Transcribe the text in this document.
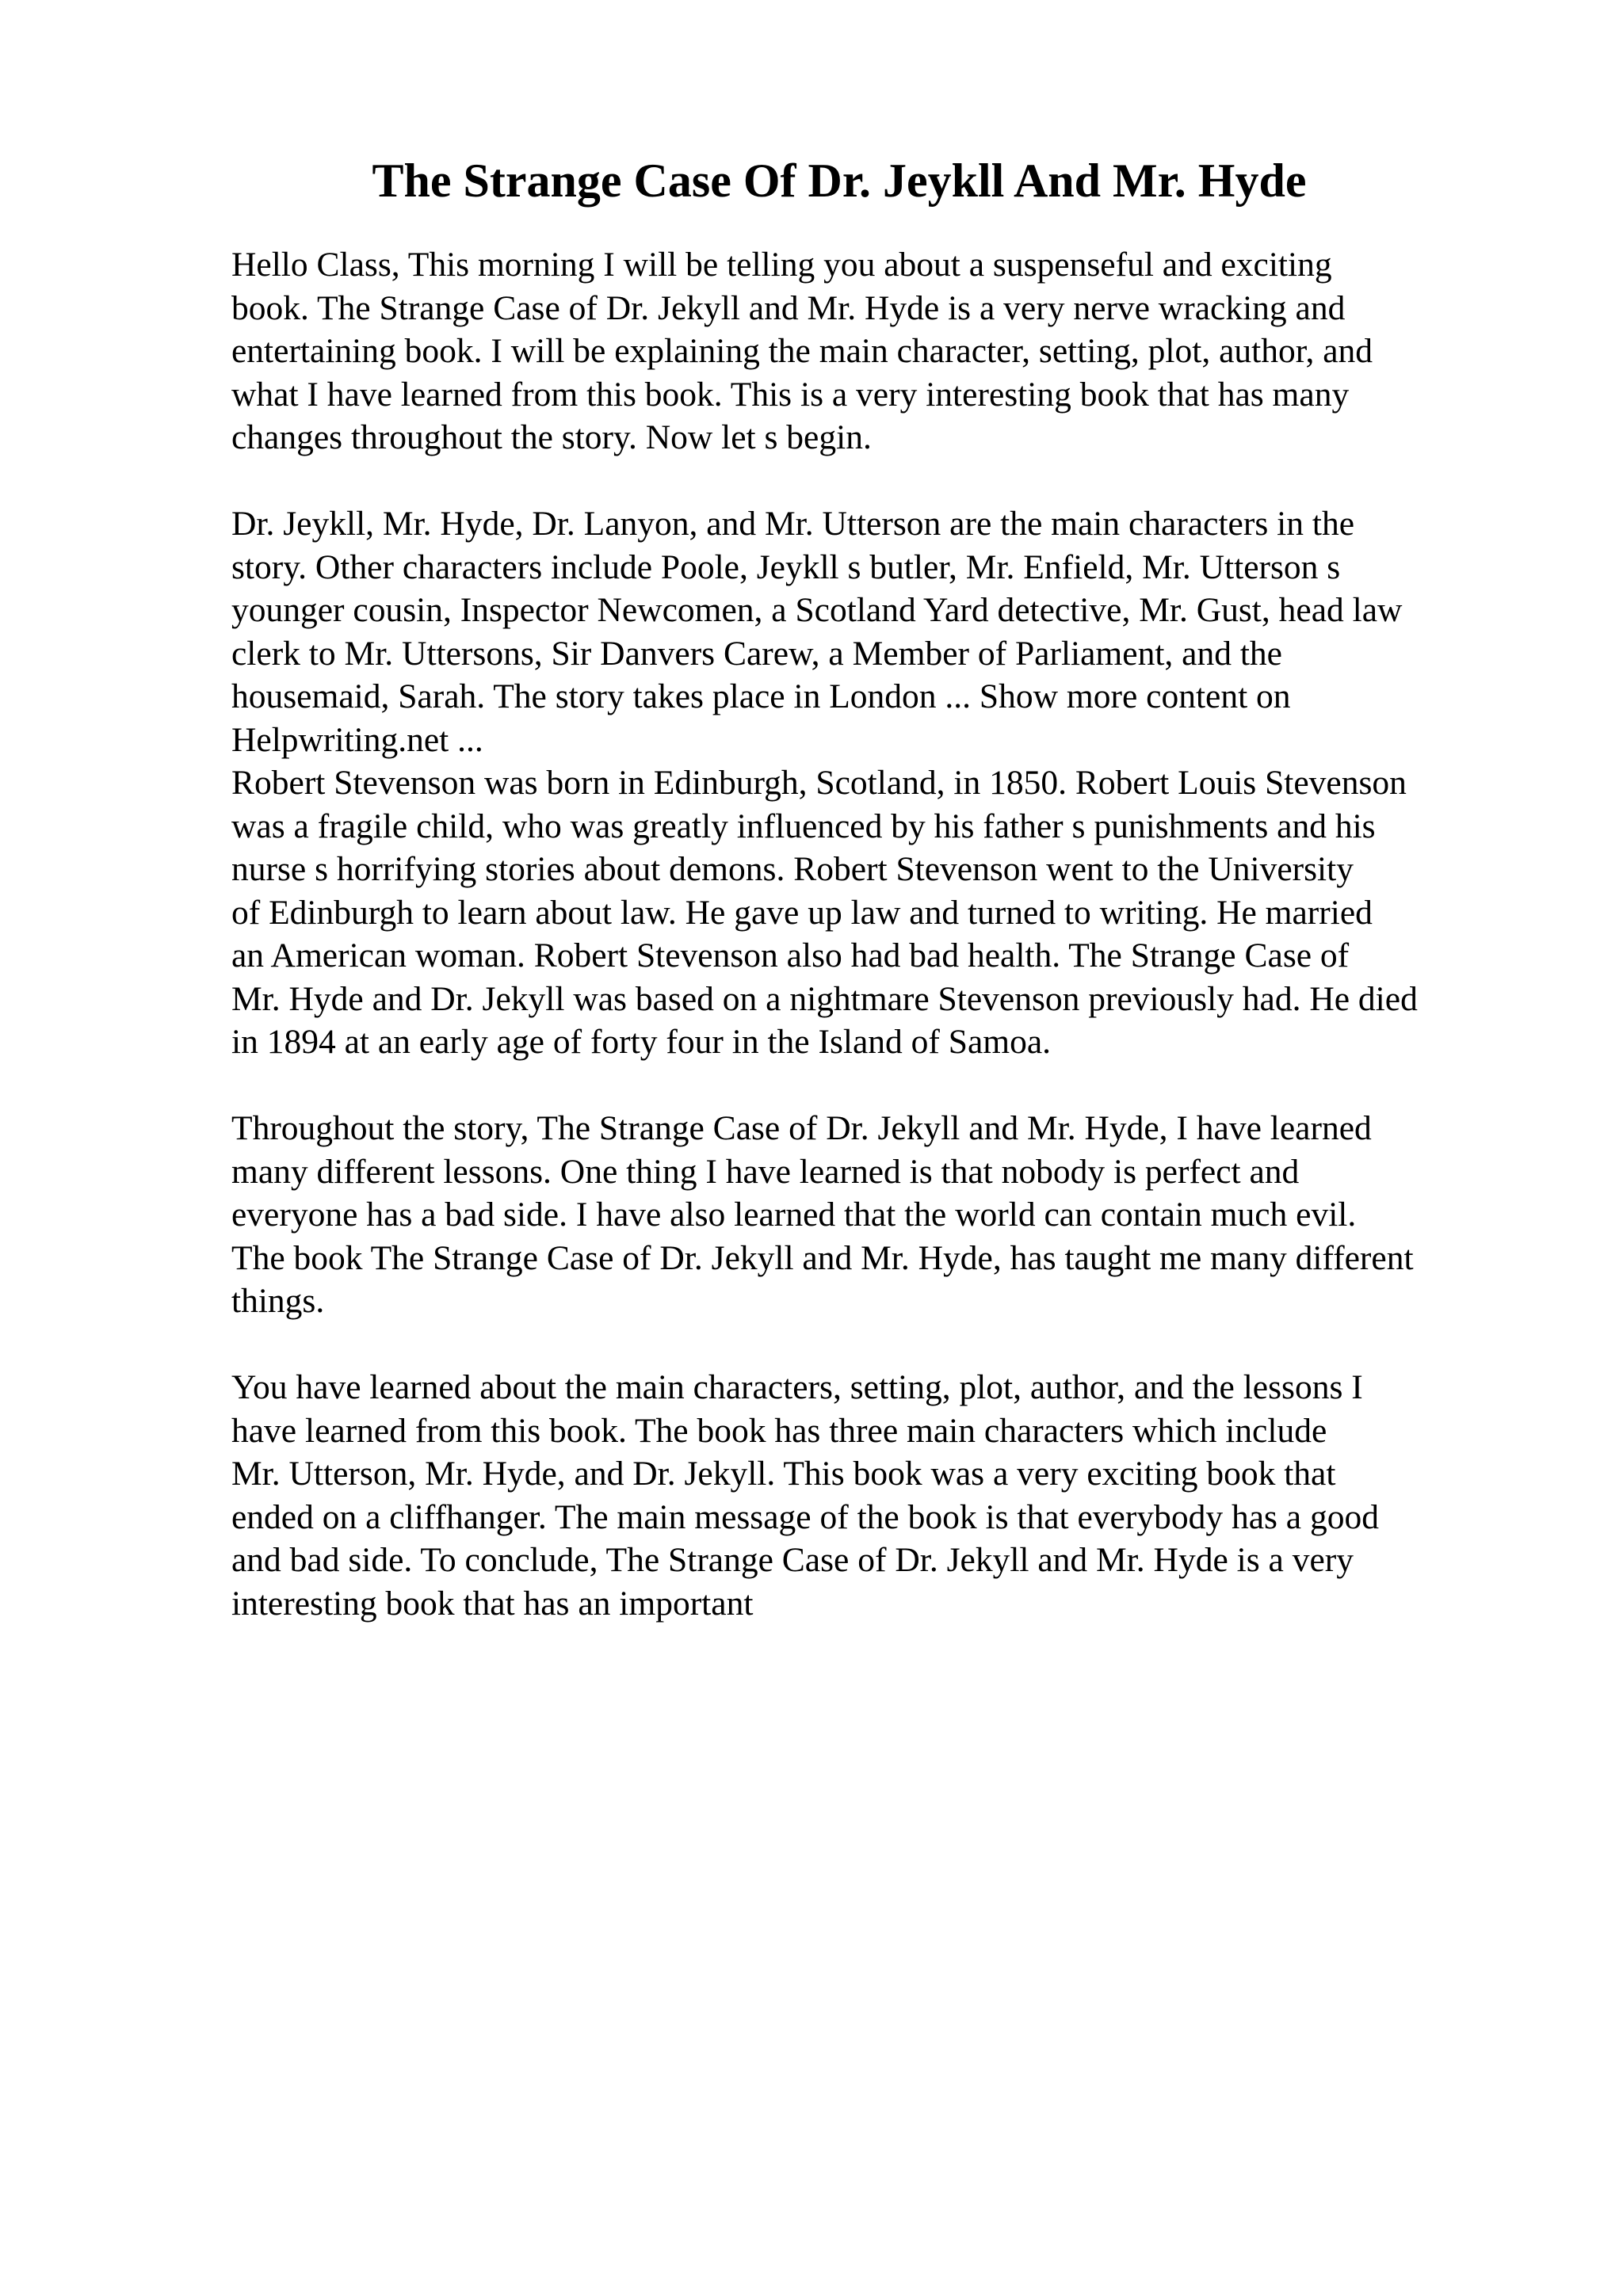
The Strange Case Of Dr. Jeykll And Mr. Hyde
Hello Class, This morning I will be telling you about a suspenseful and exciting
book. The Strange Case of Dr. Jekyll and Mr. Hyde is a very nerve wracking and
entertaining book. I will be explaining the main character, setting, plot, author, and
what I have learned from this book. This is a very interesting book that has many
changes throughout the story. Now let s begin.
Dr. Jeykll, Mr. Hyde, Dr. Lanyon, and Mr. Utterson are the main characters in the
story. Other characters include Poole, Jeykll s butler, Mr. Enfield, Mr. Utterson s
younger cousin, Inspector Newcomen, a Scotland Yard detective, Mr. Gust, head law
clerk to Mr. Uttersons, Sir Danvers Carew, a Member of Parliament, and the
housemaid, Sarah. The story takes place in London ... Show more content on
Helpwriting.net ...
Robert Stevenson was born in Edinburgh, Scotland, in 1850. Robert Louis Stevenson
was a fragile child, who was greatly influenced by his father s punishments and his
nurse s horrifying stories about demons. Robert Stevenson went to the University
of Edinburgh to learn about law. He gave up law and turned to writing. He married
an American woman. Robert Stevenson also had bad health. The Strange Case of
Mr. Hyde and Dr. Jekyll was based on a nightmare Stevenson previously had. He died
in 1894 at an early age of forty four in the Island of Samoa.
Throughout the story, The Strange Case of Dr. Jekyll and Mr. Hyde, I have learned
many different lessons. One thing I have learned is that nobody is perfect and
everyone has a bad side. I have also learned that the world can contain much evil.
The book The Strange Case of Dr. Jekyll and Mr. Hyde, has taught me many different
things.
You have learned about the main characters, setting, plot, author, and the lessons I
have learned from this book. The book has three main characters which include
Mr. Utterson, Mr. Hyde, and Dr. Jekyll. This book was a very exciting book that
ended on a cliffhanger. The main message of the book is that everybody has a good
and bad side. To conclude, The Strange Case of Dr. Jekyll and Mr. Hyde is a very
interesting book that has an important
